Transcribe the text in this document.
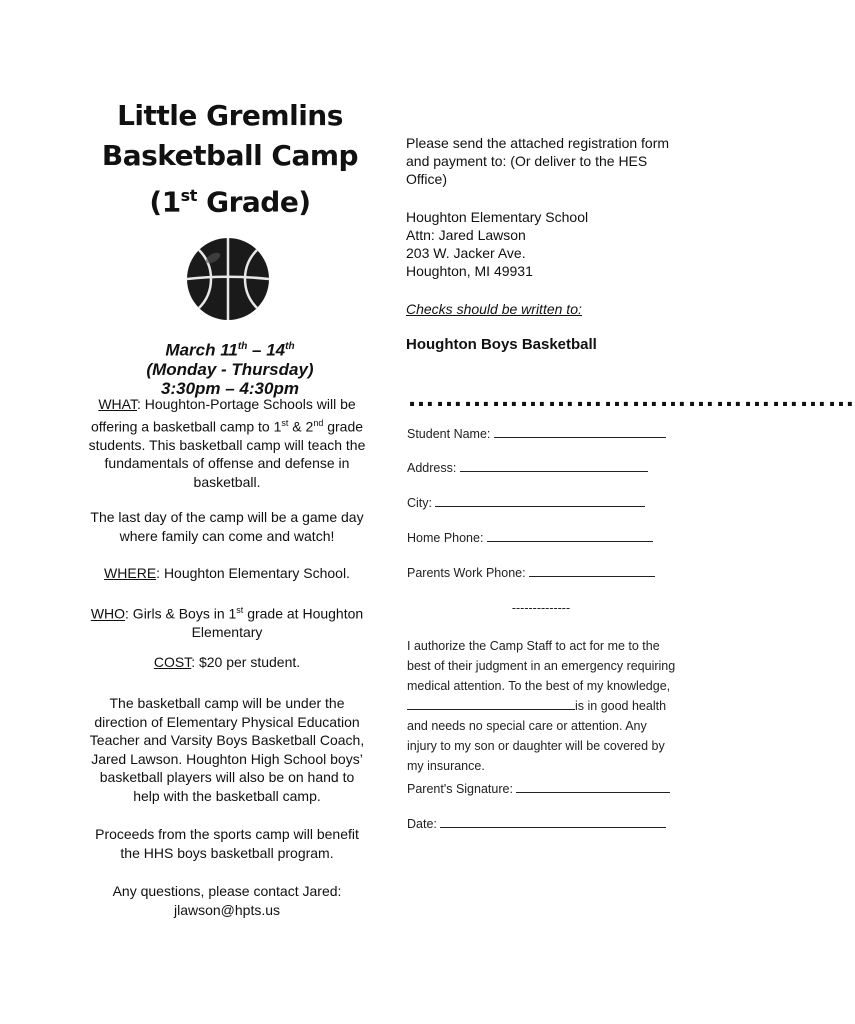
Little Gremlins
Basketball Camp
(1st Grade)
March 11th – 14th
(Monday - Thursday)
3:30pm – 4:30pm
WHAT: Houghton-Portage Schools will be offering a basketball camp to 1st & 2nd grade students. This basketball camp will teach the fundamentals of offense and defense in basketball.
The last day of the camp will be a game day where family can come and watch!
WHERE: Houghton Elementary School.
WHO: Girls & Boys in 1st grade at Houghton Elementary
COST: $20 per student.
The basketball camp will be under the direction of Elementary Physical Education Teacher and Varsity Boys Basketball Coach, Jared Lawson. Houghton High School boys’ basketball players will also be on hand to help with the basketball camp.
Proceeds from the sports camp will benefit the HHS boys basketball program.
Any questions, please contact Jared:
jlawson@hpts.us
Please send the attached registration form and payment to: (Or deliver to the HES Office)
Houghton Elementary School
Attn: Jared Lawson
203 W. Jacker Ave.
Houghton, MI 49931
Checks should be written to:
Houghton Boys Basketball
…………………………………………
Student Name:
Address:
City:
Home Phone:
Parents Work Phone:
--------------
I authorize the Camp Staff to act for me to the best of their judgment in an emergency requiring medical attention. To the best of my knowledge, is in good health and needs no special care or attention. Any injury to my son or daughter will be covered by my insurance.
Parent's Signature:
Date:
